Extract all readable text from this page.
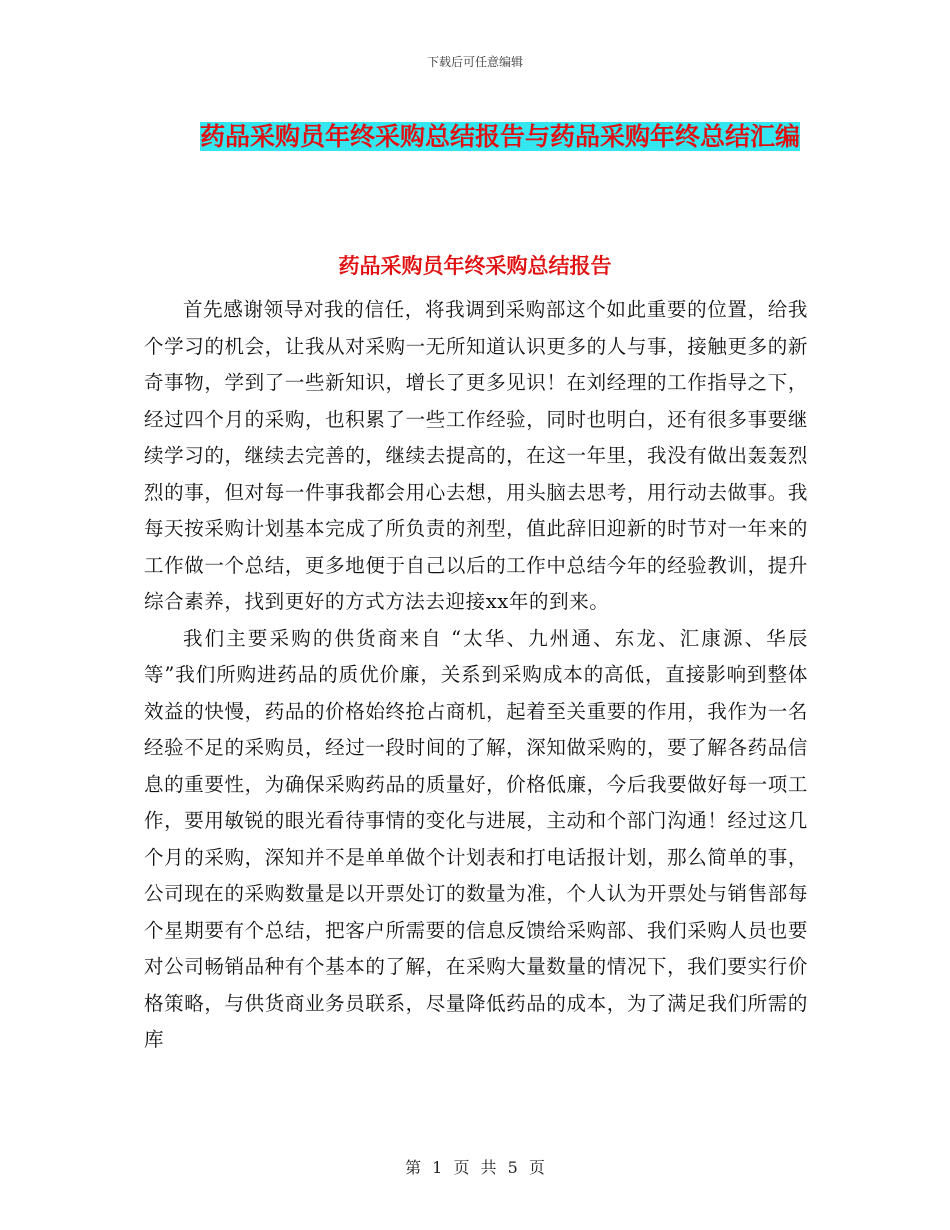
下载后可任意编辑
药品采购员年终采购总结报告与药品采购年终总结汇编
药品采购员年终采购总结报告

首先感谢领导对我的信任，将我调到采购部这个如此重要的位置，给我个学习的机会，让我从对采购一无所知道认识更多的人与事，接触更多的新奇事物，学到了一些新知识，增长了更多见识！在刘经理的工作指导之下，经过四个月的采购，也积累了一些工作经验，同时也明白，还有很多事要继续学习的，继续去完善的，继续去提高的，在这一年里，我没有做出轰轰烈烈的事，但对每一件事我都会用心去想，用头脑去思考，用行动去做事。我每天按采购计划基本完成了所负责的剂型，值此辞旧迎新的时节对一年来的工作做一个总结，更多地便于自己以后的工作中总结今年的经验教训，提升综合素养，找到更好的方式方法去迎接xx年的到来。

我们主要采购的供货商来自 “太华、九州通、东龙、汇康源、华辰等”我们所购进药品的质优价廉，关系到采购成本的高低，直接影响到整体效益的快慢，药品的价格始终抢占商机，起着至关重要的作用，我作为一名经验不足的采购员，经过一段时间的了解，深知做采购的，要了解各药品信息的重要性，为确保采购药品的质量好，价格低廉，今后我要做好每一项工作，要用敏锐的眼光看待事情的变化与进展，主动和个部门沟通！经过这几个月的采购，深知并不是单单做个计划表和打电话报计划，那么简单的事，公司现在的采购数量是以开票处订的数量为准，个人认为开票处与销售部每个星期要有个总结，把客户所需要的信息反馈给采购部、我们采购人员也要对公司畅销品种有个基本的了解，在采购大量数量的情况下，我们要实行价格策略，与供货商业务员联系，尽量降低药品的成本，为了满足我们所需的库

第 1 页 共 5 页
